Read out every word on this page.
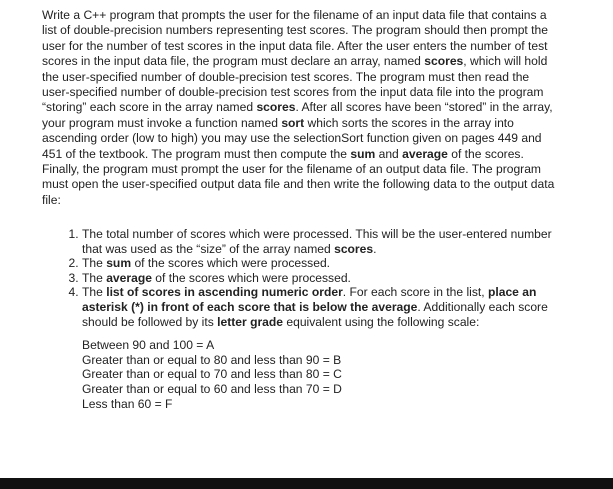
Write a C++ program that prompts the user for the filename of an input data file that contains a list of double-precision numbers representing test scores. The program should then prompt the user for the number of test scores in the input data file. After the user enters the number of test scores in the input data file, the program must declare an array, named scores, which will hold the user-specified number of double-precision test scores. The program must then read the user-specified number of double-precision test scores from the input data file into the program “storing” each score in the array named scores. After all scores have been “stored” in the array, your program must invoke a function named sort which sorts the scores in the array into ascending order (low to high) you may use the selectionSort function given on pages 449 and 451 of the textbook. The program must then compute the sum and average of the scores. Finally, the program must prompt the user for the filename of an output data file. The program must open the user-specified output data file and then write the following data to the output data file:

1. The total number of scores which were processed. This will be the user-entered number that was used as the “size” of the array named scores.
2. The sum of the scores which were processed.
3. The average of the scores which were processed.
4. The list of scores in ascending numeric order. For each score in the list, place an asterisk (*) in front of each score that is below the average. Additionally each score should be followed by its letter grade equivalent using the following scale:
Between 90 and 100 = A
Greater than or equal to 80 and less than 90 = B
Greater than or equal to 70 and less than 80 = C
Greater than or equal to 60 and less than 70 = D
Less than 60 = F
